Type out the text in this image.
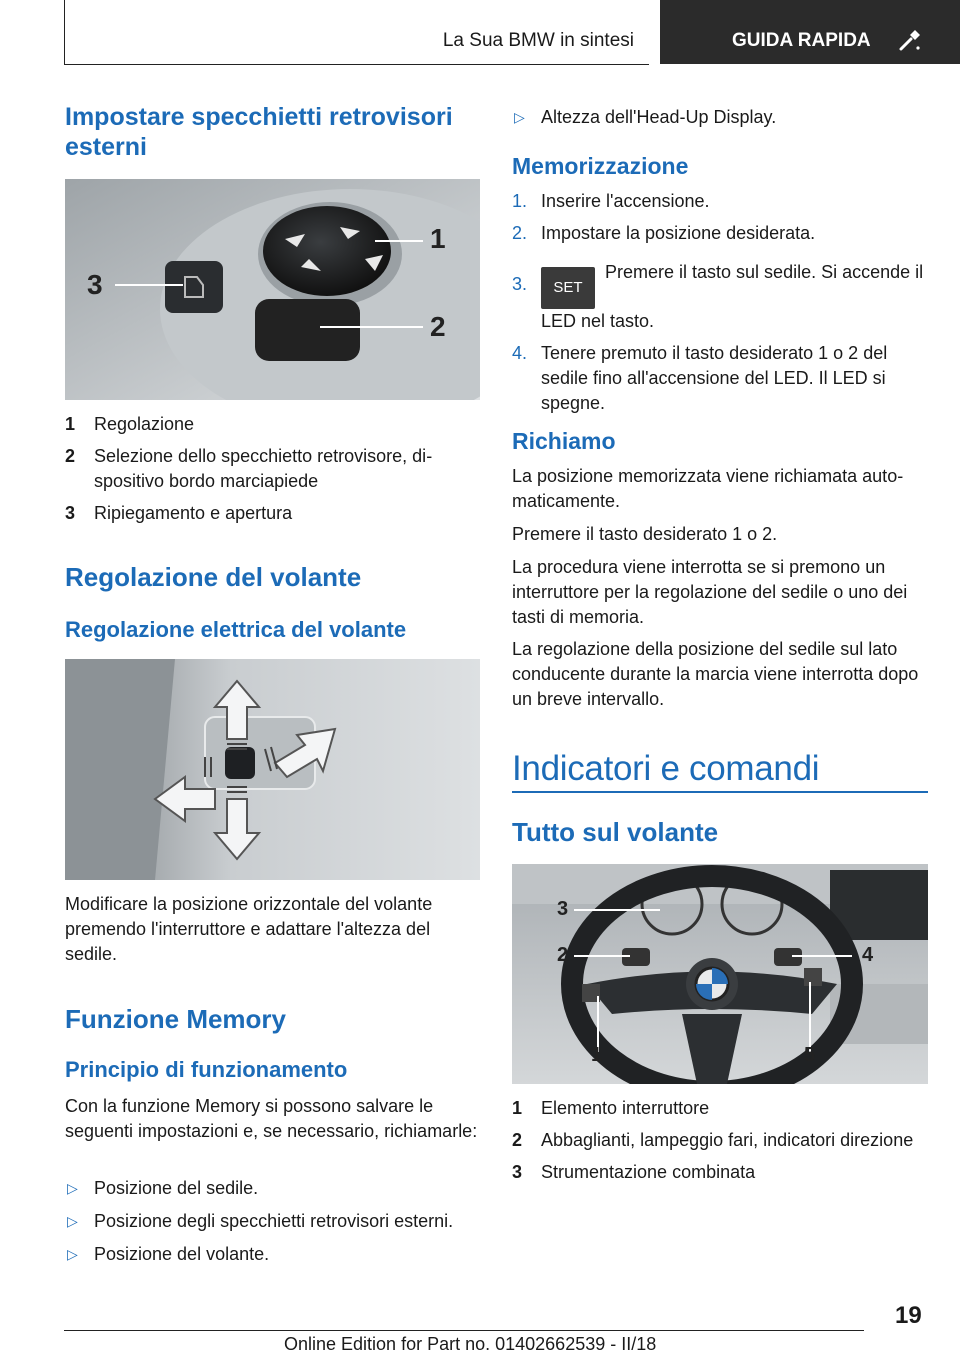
La Sua BMW in sintesi	GUIDA RAPIDA
Impostare specchietti retrovisori esterni
1
2
3
1 Regolazione
2 Selezione dello specchietto retrovisore, dispositivo bordo marciapiede
3 Ripiegamento e apertura
Regolazione del volante
Regolazione elettrica del volante

Modificare la posizione orizzontale del volante premendo l'interruttore e adattare l'altezza del sedile.

Funzione Memory
Principio di funzionamento

Con la funzione Memory si possono salvare le seguenti impostazioni e, se necessario, richiamarle:

▷ Posizione del sedile.
▷ Posizione degli specchietti retrovisori esterni.
▷ Posizione del volante.
▷ Altezza dell'Head-Up Display.
Memorizzazione
1. Inserire l'accensione.
2. Impostare la posizione desiderata.
3. SETPremere il tasto sul sedile. Si accende il LED nel tasto.
4. Tenere premuto il tasto desiderato 1 o 2 del sedile fino all'accensione del LED. Il LED si spegne.
Richiamo

La posizione memorizzata viene richiamata automaticamente.

Premere il tasto desiderato 1 o 2.

La procedura viene interrotta se si premono un interruttore per la regolazione del sedile o uno dei tasti di memoria.

La regolazione della posizione del sedile sul lato conducente durante la marcia viene interrotta dopo un breve intervallo.

Indicatori e comandi
Tutto sul volante
1
2
3
4
5
1 Elemento interruttore
2 Abbaglianti, lampeggio fari, indicatori direzione
3 Strumentazione combinata
19
Online Edition for Part no. 01402662539 - II/18
